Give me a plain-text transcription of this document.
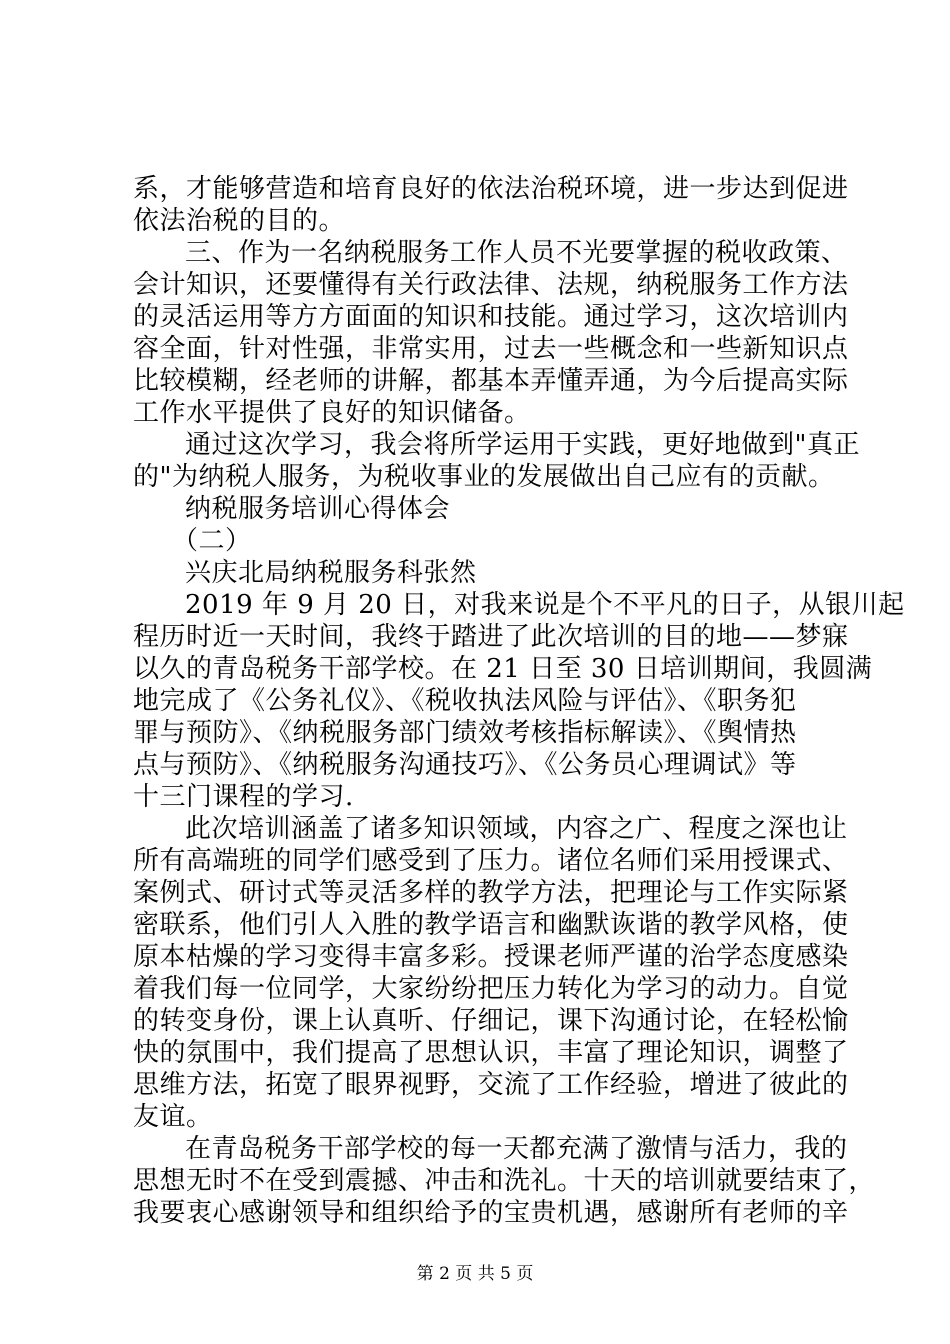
系，才能够营造和培育良好的依法治税环境，进一步达到促进
依法治税的目的。
三、作为一名纳税服务工作人员不光要掌握的税收政策、
会计知识，还要懂得有关行政法律、法规，纳税服务工作方法
的灵活运用等方方面面的知识和技能。通过学习，这次培训内
容全面，针对性强，非常实用，过去一些概念和一些新知识点
比较模糊，经老师的讲解，都基本弄懂弄通，为今后提高实际
工作水平提供了良好的知识储备。
通过这次学习，我会将所学运用于实践，更好地做到"真正
的"为纳税人服务，为税收事业的发展做出自己应有的贡献。
纳税服务培训心得体会
（二）
兴庆北局纳税服务科张然
2019 年 9 月 20 日，对我来说是个不平凡的日子，从银川起
程历时近一天时间，我终于踏进了此次培训的目的地——梦寐
以久的青岛税务干部学校。在 21 日至 30 日培训期间，我圆满
地完成了《公务礼仪》、《税收执法风险与评估》、《职务犯
罪与预防》、《纳税服务部门绩效考核指标解读》、《舆情热
点与预防》、《纳税服务沟通技巧》、《公务员心理调试》等
十三门课程的学习.
此次培训涵盖了诸多知识领域，内容之广、程度之深也让
所有高端班的同学们感受到了压力。诸位名师们采用授课式、
案例式、研讨式等灵活多样的教学方法，把理论与工作实际紧
密联系，他们引人入胜的教学语言和幽默诙谐的教学风格，使
原本枯燥的学习变得丰富多彩。授课老师严谨的治学态度感染
着我们每一位同学，大家纷纷把压力转化为学习的动力。自觉
的转变身份，课上认真听、仔细记，课下沟通讨论，在轻松愉
快的氛围中，我们提高了思想认识，丰富了理论知识，调整了
思维方法，拓宽了眼界视野，交流了工作经验，增进了彼此的
友谊。
在青岛税务干部学校的每一天都充满了激情与活力，我的
思想无时不在受到震撼、冲击和洗礼。十天的培训就要结束了，
我要衷心感谢领导和组织给予的宝贵机遇，感谢所有老师的辛
第 2 页 共 5 页
